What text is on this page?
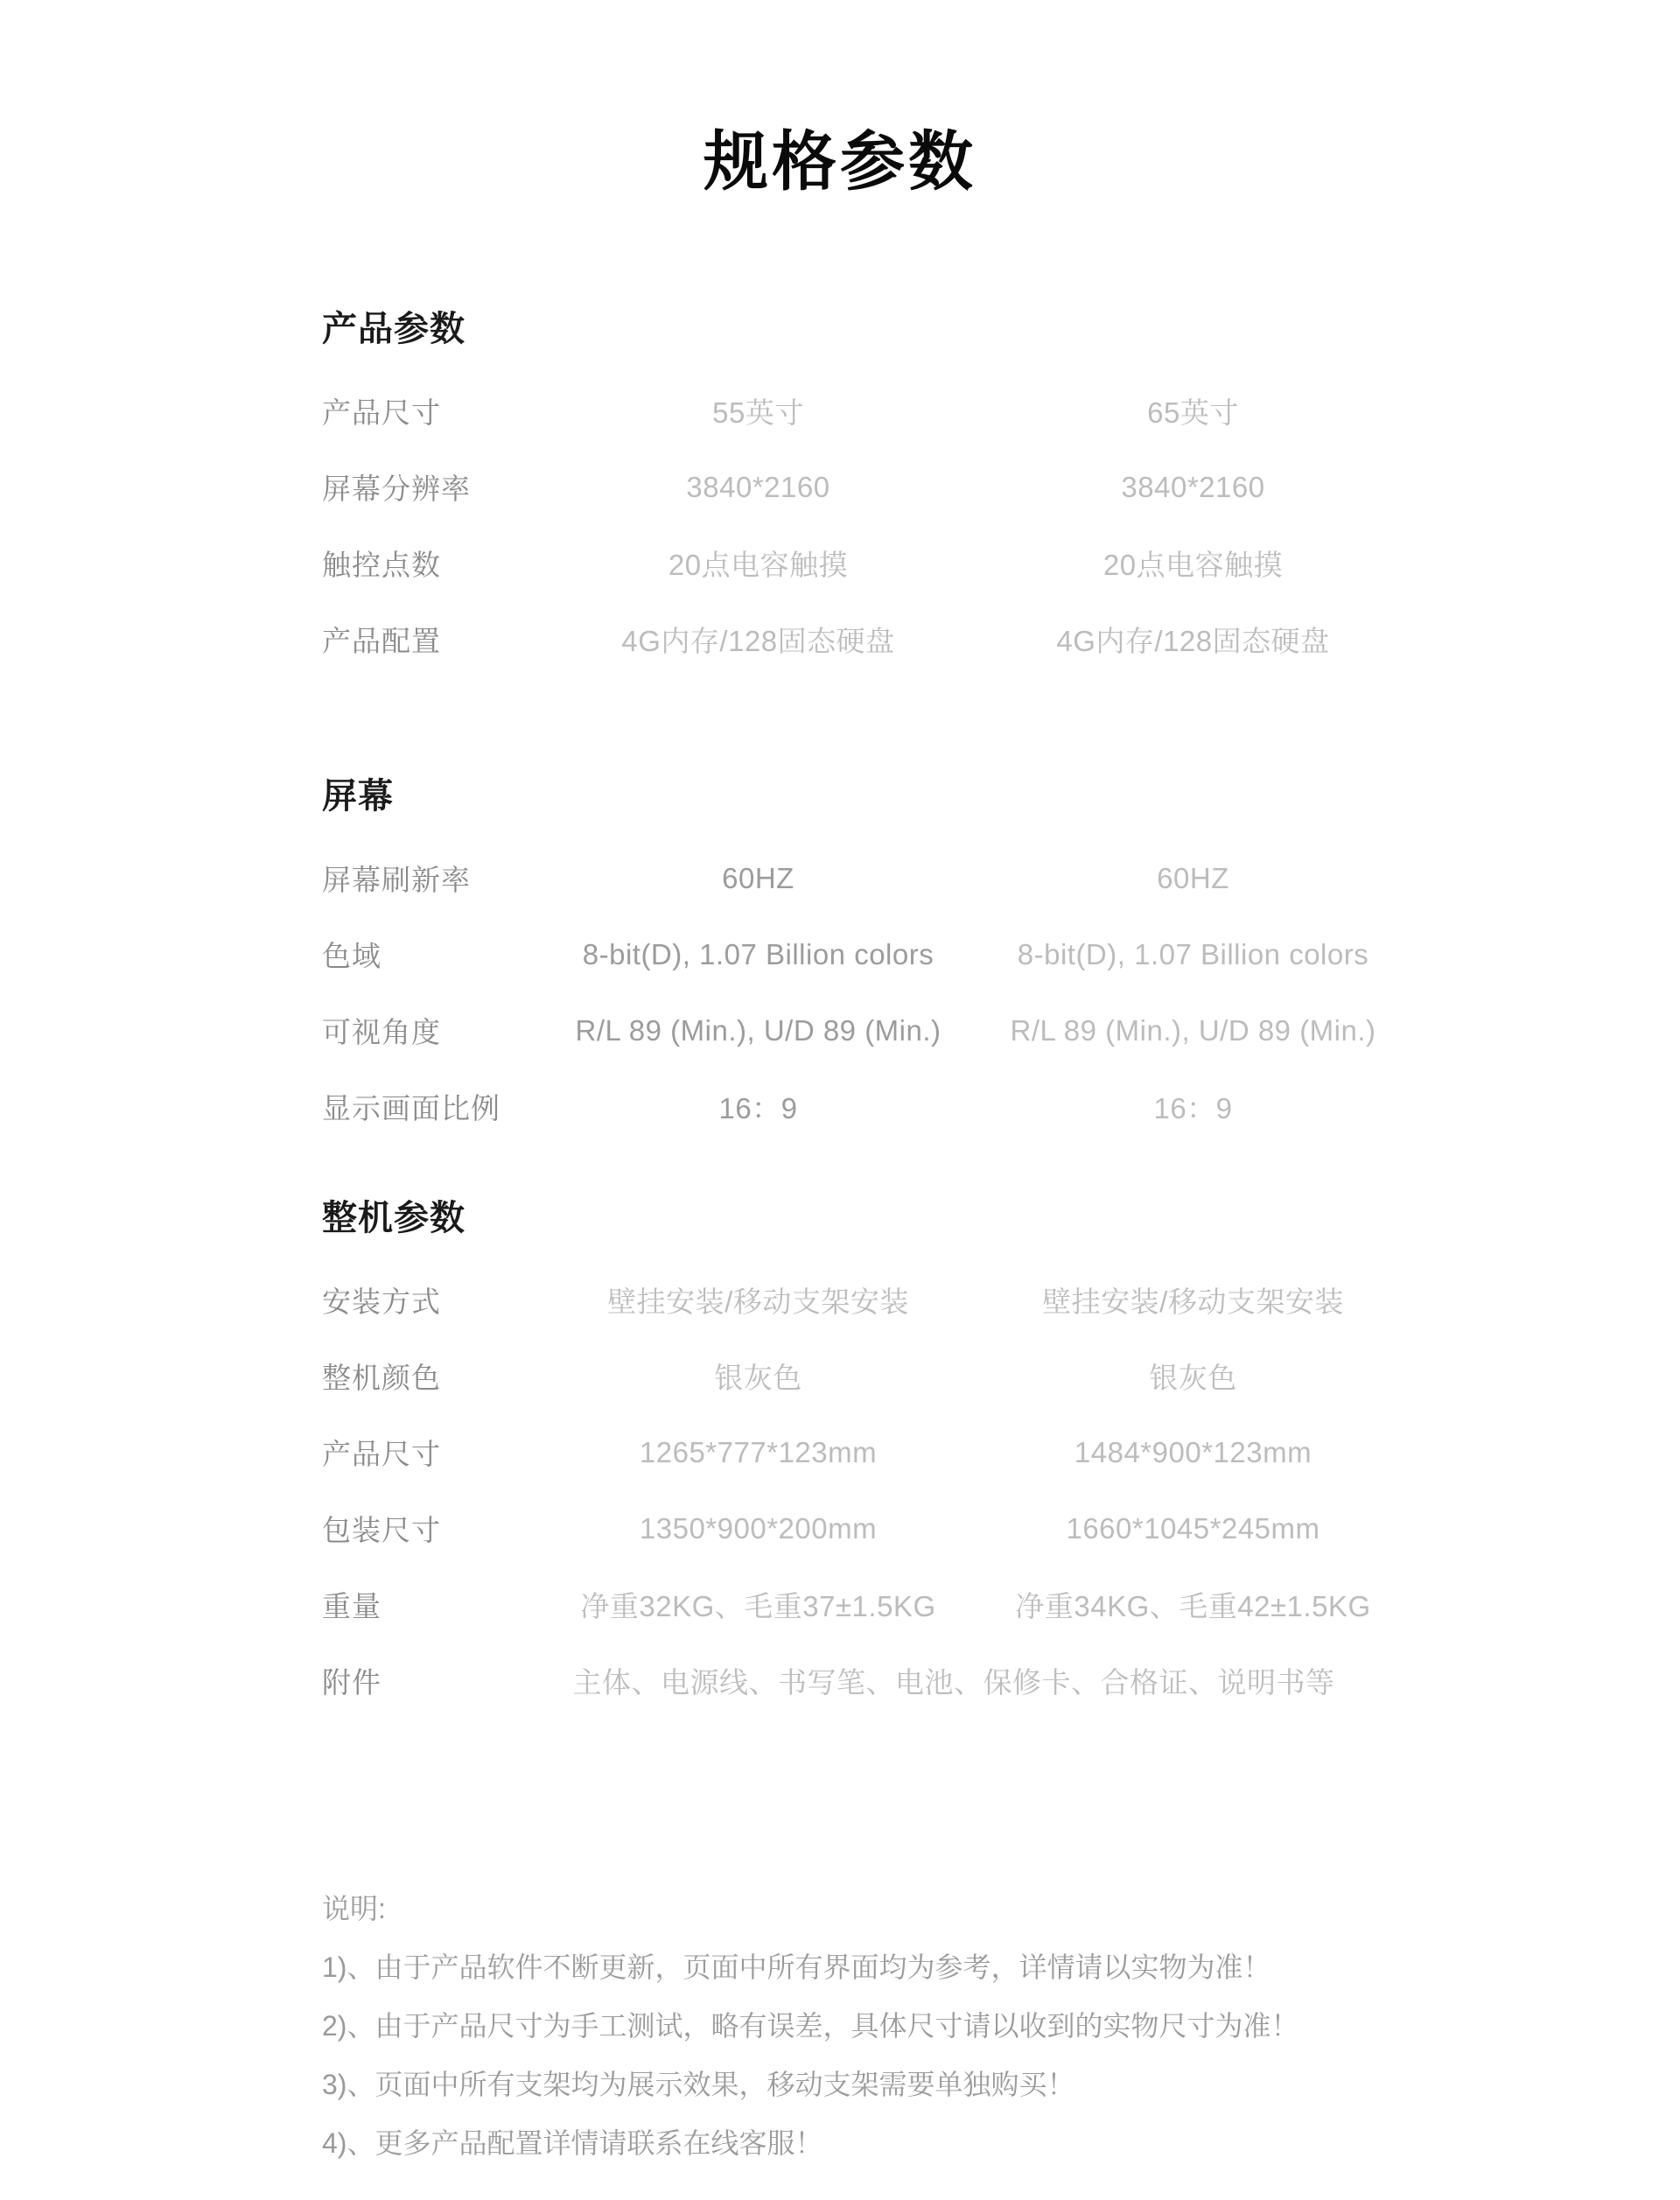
规格参数
产品参数
产品尺寸	55英寸	65英寸
屏幕分辨率	3840*2160	3840*2160
触控点数	20点电容触摸	20点电容触摸
产品配置	4G内存/128固态硬盘	4G内存/128固态硬盘
屏幕
屏幕刷新率	60HZ	60HZ
色域	8-bit(D), 1.07 Billion colors	8-bit(D), 1.07 Billion colors
可视角度	R/L 89 (Min.), U/D 89 (Min.)	R/L 89 (Min.), U/D 89 (Min.)
显示画面比例	16：9	16：9
整机参数
安装方式	壁挂安装/移动支架安装	壁挂安装/移动支架安装
整机颜色	银灰色	银灰色
产品尺寸	1265*777*123mm	1484*900*123mm
包装尺寸	1350*900*200mm	1660*1045*245mm
重量	净重32KG、毛重37±1.5KG	净重34KG、毛重42±1.5KG
附件	主体、电源线、书写笔、电池、保修卡、合格证、说明书等
说明:
1)、由于产品软件不断更新，页面中所有界面均为参考，详情请以实物为准！
2)、由于产品尺寸为手工测试，略有误差，具体尺寸请以收到的实物尺寸为准！
3)、页面中所有支架均为展示效果，移动支架需要单独购买！
4)、更多产品配置详情请联系在线客服！
